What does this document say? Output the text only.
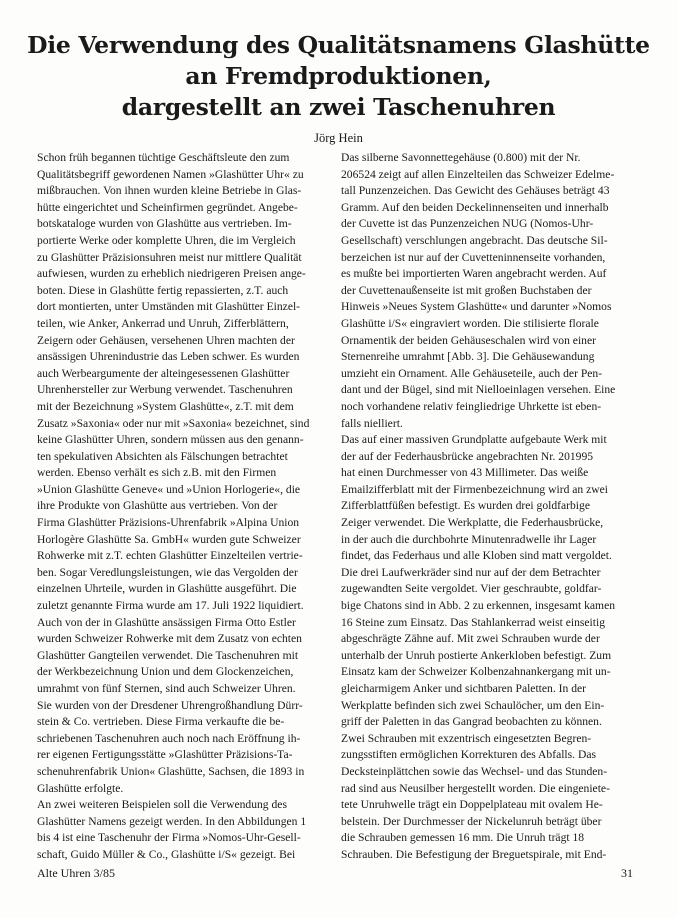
Die Verwendung des Qualitätsnamens Glashütte
an Fremdproduktionen,
dargestellt an zwei Taschenuhren
Jörg Hein
Schon früh begannen tüchtige Geschäftsleute den zum
Qualitätsbegriff gewordenen Namen »Glashütter Uhr« zu
mißbrauchen. Von ihnen wurden kleine Betriebe in Glas-
hütte eingerichtet und Scheinfirmen gegründet. Angebe-
botskataloge wurden von Glashütte aus vertrieben. Im-
portierte Werke oder komplette Uhren, die im Vergleich
zu Glashütter Präzisionsuhren meist nur mittlere Qualität
aufwiesen, wurden zu erheblich niedrigeren Preisen ange-
boten. Diese in Glashütte fertig repassierten, z.T. auch
dort montierten, unter Umständen mit Glashütter Einzel-
teilen, wie Anker, Ankerrad und Unruh, Zifferblättern,
Zeigern oder Gehäusen, versehenen Uhren machten der
ansässigen Uhrenindustrie das Leben schwer. Es wurden
auch Werbeargumente der alteingesessenen Glashütter
Uhrenhersteller zur Werbung verwendet. Taschenuhren
mit der Bezeichnung »System Glashütte«, z.T. mit dem
Zusatz »Saxonia« oder nur mit »Saxonia« bezeichnet, sind
keine Glashütter Uhren, sondern müssen aus den genann-
ten spekulativen Absichten als Fälschungen betrachtet
werden. Ebenso verhält es sich z.B. mit den Firmen
»Union Glashütte Geneve« und »Union Horlogerie«, die
ihre Produkte von Glashütte aus vertrieben. Von der
Firma Glashütter Präzisions-Uhrenfabrik »Alpina Union
Horlogère Glashütte Sa. GmbH« wurden gute Schweizer
Rohwerke mit z.T. echten Glashütter Einzelteilen vertrie-
ben. Sogar Veredlungsleistungen, wie das Vergolden der
einzelnen Uhrteile, wurden in Glashütte ausgeführt. Die
zuletzt genannte Firma wurde am 17. Juli 1922 liquidiert.
Auch von der in Glashütte ansässigen Firma Otto Estler
wurden Schweizer Rohwerke mit dem Zusatz von echten
Glashütter Gangteilen verwendet. Die Taschenuhren mit
der Werkbezeichnung Union und dem Glockenzeichen,
umrahmt von fünf Sternen, sind auch Schweizer Uhren.
Sie wurden von der Dresdener Uhrengroßhandlung Dürr-
stein & Co. vertrieben. Diese Firma verkaufte die be-
schriebenen Taschenuhren auch noch nach Eröffnung ih-
rer eigenen Fertigungsstätte »Glashütter Präzisions-Ta-
schenuhrenfabrik Union« Glashütte, Sachsen, die 1893 in
Glashütte erfolgte.
An zwei weiteren Beispielen soll die Verwendung des
Glashütter Namens gezeigt werden. In den Abbildungen 1
bis 4 ist eine Taschenuhr der Firma »Nomos-Uhr-Gesell-
schaft, Guido Müller & Co., Glashütte i/S« gezeigt. Bei
Das silberne Savonnettegehäuse (0.800) mit der Nr.
206524 zeigt auf allen Einzelteilen das Schweizer Edelme-
tall Punzenzeichen. Das Gewicht des Gehäuses beträgt 43
Gramm. Auf den beiden Deckelinnenseiten und innerhalb
der Cuvette ist das Punzenzeichen NUG (Nomos-Uhr-
Gesellschaft) verschlungen angebracht. Das deutsche Sil-
berzeichen ist nur auf der Cuvetteninnenseite vorhanden,
es mußte bei importierten Waren angebracht werden. Auf
der Cuvettenaußenseite ist mit großen Buchstaben der
Hinweis »Neues System Glashütte« und darunter »Nomos
Glashütte i/S« eingraviert worden. Die stilisierte florale
Ornamentik der beiden Gehäuseschalen wird von einer
Sternenreihe umrahmt [Abb. 3]. Die Gehäusewandung
umzieht ein Ornament. Alle Gehäuseteile, auch der Pen-
dant und der Bügel, sind mit Nielloeinlagen versehen. Eine
noch vorhandene relativ feingliedrige Uhrkette ist eben-
falls nielliert.
Das auf einer massiven Grundplatte aufgebaute Werk mit
der auf der Federhausbrücke angebrachten Nr. 201995
hat einen Durchmesser von 43 Millimeter. Das weiße
Emailzifferblatt mit der Firmenbezeichnung wird an zwei
Zifferblattfüßen befestigt. Es wurden drei goldfarbige
Zeiger verwendet. Die Werkplatte, die Federhausbrücke,
in der auch die durchbohrte Minutenradwelle ihr Lager
findet, das Federhaus und alle Kloben sind matt vergoldet.
Die drei Laufwerkräder sind nur auf der dem Betrachter
zugewandten Seite vergoldet. Vier geschraubte, goldfar-
bige Chatons sind in Abb. 2 zu erkennen, insgesamt kamen
16 Steine zum Einsatz. Das Stahlankerrad weist einseitig
abgeschrägte Zähne auf. Mit zwei Schrauben wurde der
unterhalb der Unruh postierte Ankerkloben befestigt. Zum
Einsatz kam der Schweizer Kolbenzahnankergang mit un-
gleicharmigem Anker und sichtbaren Paletten. In der
Werkplatte befinden sich zwei Schaulöcher, um den Ein-
griff der Paletten in das Gangrad beobachten zu können.
Zwei Schrauben mit exzentrisch eingesetzten Begren-
zungsstiften ermöglichen Korrekturen des Abfalls. Das
Decksteinplättchen sowie das Wechsel- und das Stunden-
rad sind aus Neusilber hergestellt worden. Die eingeniete-
tete Unruhwelle trägt ein Doppelplateau mit ovalem He-
belstein. Der Durchmesser der Nickelunruh beträgt über
die Schrauben gemessen 16 mm. Die Unruh trägt 18
Schrauben. Die Befestigung der Breguetspirale, mit End-
Alte Uhren 3/85	31
